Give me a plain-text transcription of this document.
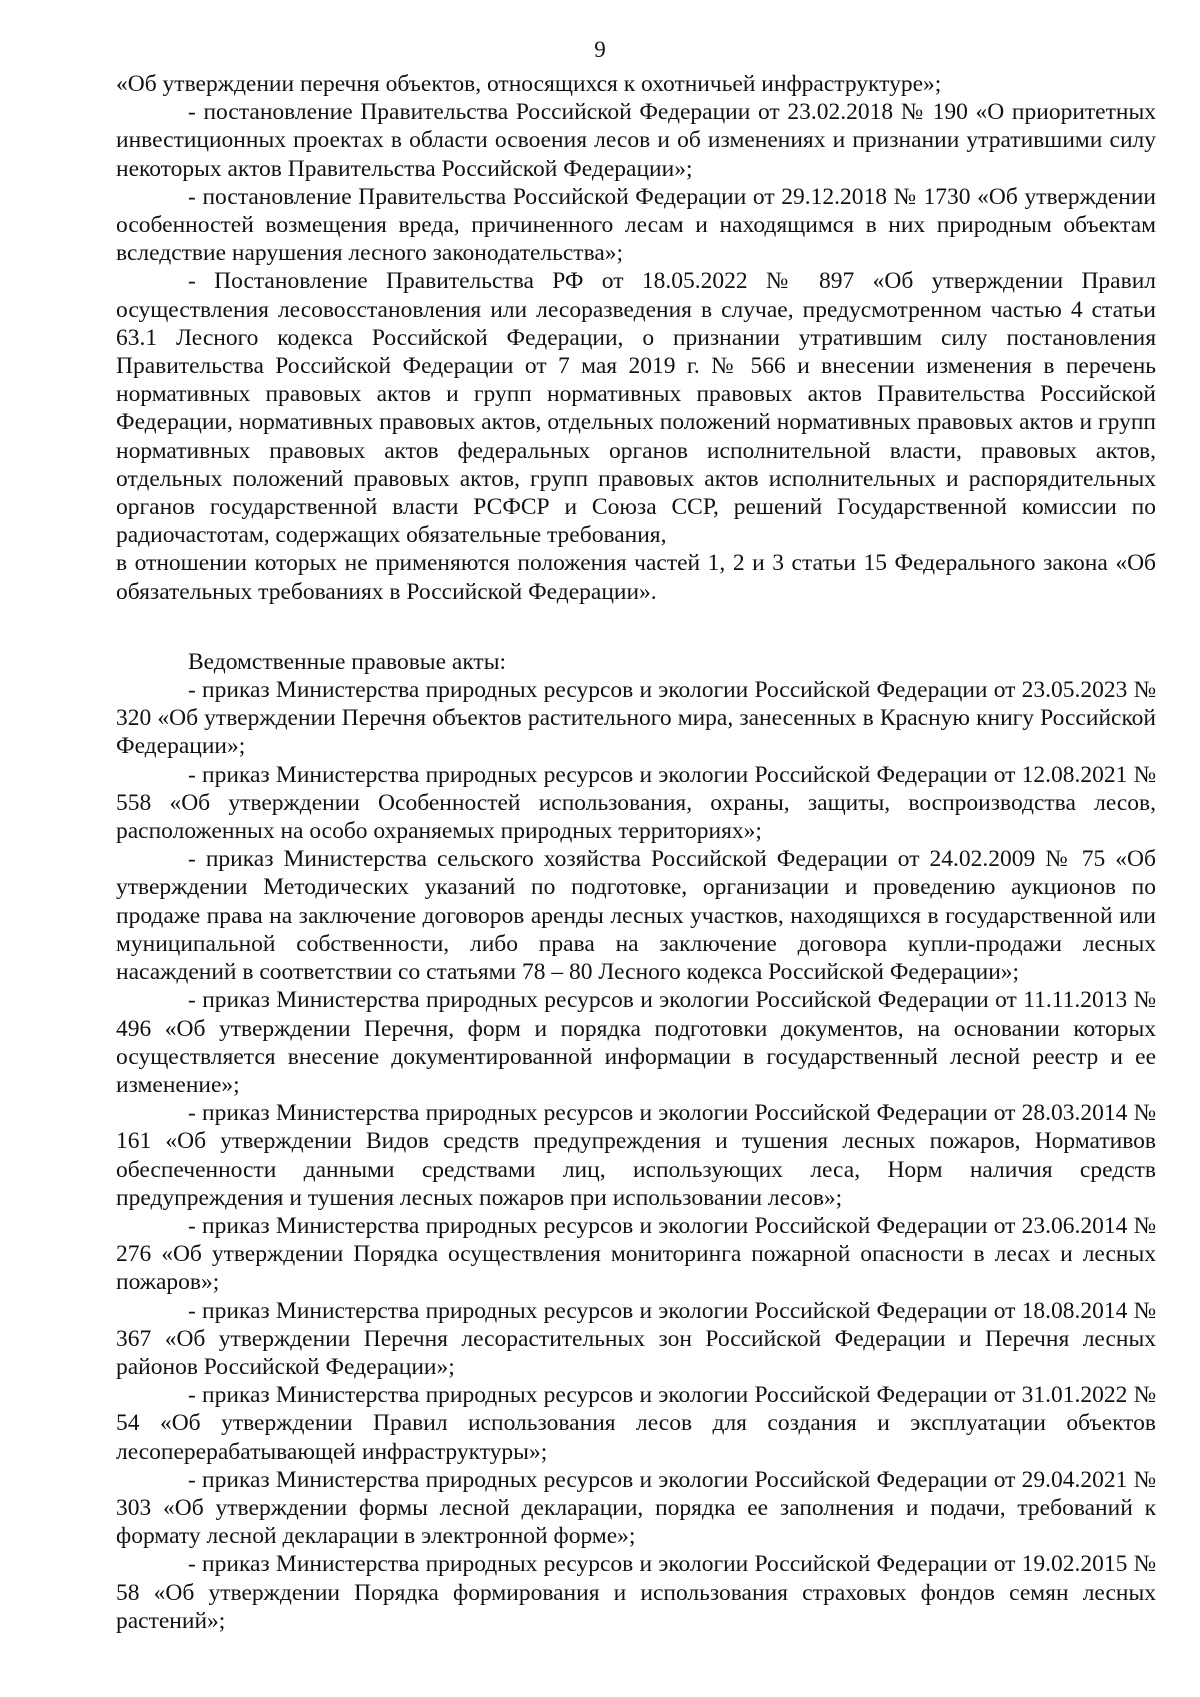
9

«Об утверждении перечня объектов, относящихся к охотничьей инфраструктуре»;

- постановление Правительства Российской Федерации от 23.02.2018 № 190 «О приоритетных инвестиционных проектах в области освоения лесов и об изменениях и признании утратившими силу некоторых актов Правительства Российской Федерации»;

- постановление Правительства Российской Федерации от 29.12.2018 № 1730 «Об утверждении особенностей возмещения вреда, причиненного лесам и находящимся в них природным объектам вследствие нарушения лесного законодательства»;

- Постановление Правительства РФ от 18.05.2022 № 897 «Об утверждении Правил осуществления лесовосстановления или лесоразведения в случае, предусмотренном частью 4 статьи 63.1 Лесного кодекса Российской Федерации, о признании утратившим силу постановления Правительства Российской Федерации от 7 мая 2019 г. № 566 и внесении изменения в перечень нормативных правовых актов и групп нормативных правовых актов Правительства Российской Федерации, нормативных правовых актов, отдельных положений нормативных правовых актов и групп нормативных правовых актов федеральных органов исполнительной власти, правовых актов, отдельных положений правовых актов, групп правовых актов исполнительных и распорядительных органов государственной власти РСФСР и Союза ССР, решений Государственной комиссии по радиочастотам, содержащих обязательные требования,

в отношении которых не применяются положения частей 1, 2 и 3 статьи 15 Федерального закона «Об обязательных требованиях в Российской Федерации».

Ведомственные правовые акты:

- приказ Министерства природных ресурсов и экологии Российской Федерации от 23.05.2023 № 320 «Об утверждении Перечня объектов растительного мира, занесенных в Красную книгу Российской Федерации»;

- приказ Министерства природных ресурсов и экологии Российской Федерации от 12.08.2021 № 558 «Об утверждении Особенностей использования, охраны, защиты, воспроизводства лесов, расположенных на особо охраняемых природных территориях»;

- приказ Министерства сельского хозяйства Российской Федерации от 24.02.2009 № 75 «Об утверждении Методических указаний по подготовке, организации и проведению аукционов по продаже права на заключение договоров аренды лесных участков, находящихся в государственной или муниципальной собственности, либо права на заключение договора купли-продажи лесных насаждений в соответствии со статьями 78 – 80 Лесного кодекса Российской Федерации»;

- приказ Министерства природных ресурсов и экологии Российской Федерации от 11.11.2013 № 496 «Об утверждении Перечня, форм и порядка подготовки документов, на основании которых осуществляется внесение документированной информации в государственный лесной реестр и ее изменение»;

- приказ Министерства природных ресурсов и экологии Российской Федерации от 28.03.2014 № 161 «Об утверждении Видов средств предупреждения и тушения лесных пожаров, Нормативов обеспеченности данными средствами лиц, использующих леса, Норм наличия средств предупреждения и тушения лесных пожаров при использовании лесов»;

- приказ Министерства природных ресурсов и экологии Российской Федерации от 23.06.2014 № 276 «Об утверждении Порядка осуществления мониторинга пожарной опасности в лесах и лесных пожаров»;

- приказ Министерства природных ресурсов и экологии Российской Федерации от 18.08.2014 № 367 «Об утверждении Перечня лесорастительных зон Российской Федерации и Перечня лесных районов Российской Федерации»;

- приказ Министерства природных ресурсов и экологии Российской Федерации от 31.01.2022 № 54 «Об утверждении Правил использования лесов для создания и эксплуатации объектов лесоперерабатывающей инфраструктуры»;

- приказ Министерства природных ресурсов и экологии Российской Федерации от 29.04.2021 № 303 «Об утверждении формы лесной декларации, порядка ее заполнения и подачи, требований к формату лесной декларации в электронной форме»;

- приказ Министерства природных ресурсов и экологии Российской Федерации от 19.02.2015 № 58 «Об утверждении Порядка формирования и использования страховых фондов семян лесных растений»;
